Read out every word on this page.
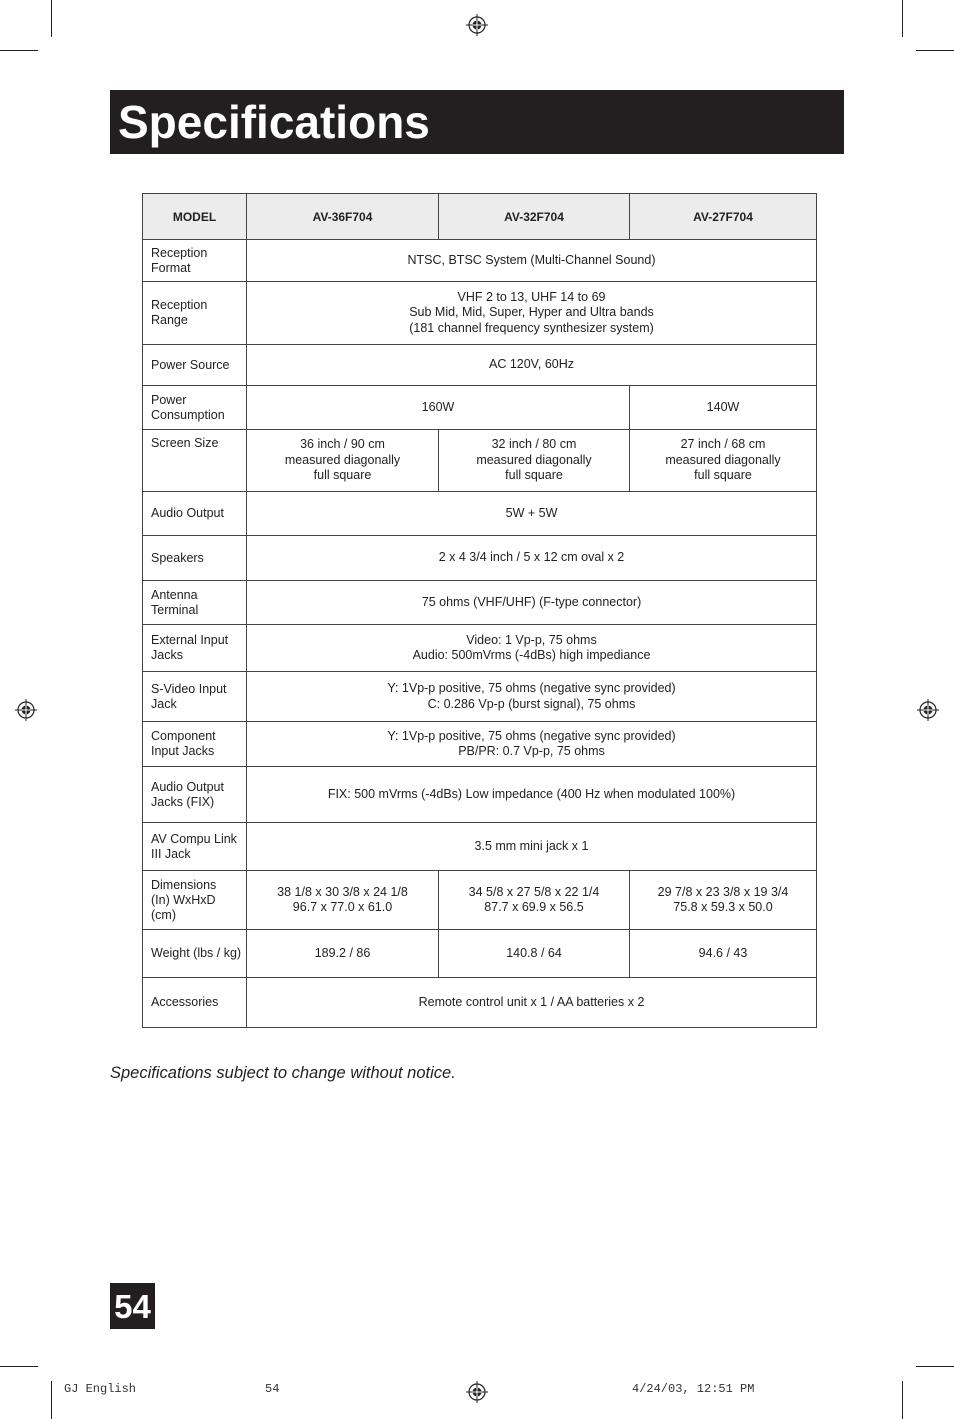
Specifications
MODEL	AV-36F704	AV-32F704	AV-27F704
Reception Format	NTSC, BTSC System (Multi-Channel Sound)		
Reception Range	VHF 2 to 13, UHF 14 to 69
Sub Mid, Mid, Super, Hyper and Ultra bands
(181 channel frequency synthesizer system)		
Power Source	AC 120V, 60Hz		
Power Consumption	160W		140W
Screen Size	36 inch / 90 cm
measured diagonally
full square	32 inch / 80 cm
measured diagonally
full square	27 inch / 68 cm
measured diagonally
full square
Audio Output	5W + 5W		
Speakers	2 x 4 3/4 inch / 5 x 12 cm oval x 2		
Antenna Terminal	75 ohms (VHF/UHF) (F-type connector)		
External Input Jacks	Video: 1 Vp-p, 75 ohms
Audio: 500mVrms (-4dBs) high impediance		
S-Video Input Jack	Y: 1Vp-p positive, 75 ohms (negative sync provided)
C: 0.286 Vp-p (burst signal), 75 ohms		
Component Input Jacks	Y: 1Vp-p positive, 75 ohms (negative sync provided)
PB/PR: 0.7 Vp-p, 75 ohms		
Audio Output Jacks (FIX)	FIX: 500 mVrms (-4dBs) Low impedance (400 Hz when modulated 100%)		
AV Compu Link III Jack	3.5 mm mini jack x 1		
Dimensions (In) WxHxD (cm)	38 1/8 x 30 3/8 x 24 1/8
96.7 x 77.0 x 61.0	34 5/8 x 27 5/8 x 22 1/4
87.7 x 69.9 x 56.5	29 7/8 x 23 3/8 x 19 3/4
75.8 x 59.3 x 50.0
Weight (lbs / kg)	189.2 / 86	140.8 / 64	94.6 / 43
Accessories	Remote control unit x 1 / AA batteries x 2		
Specifications subject to change without notice.
54
GJ English	54	4/24/03, 12:51 PM
